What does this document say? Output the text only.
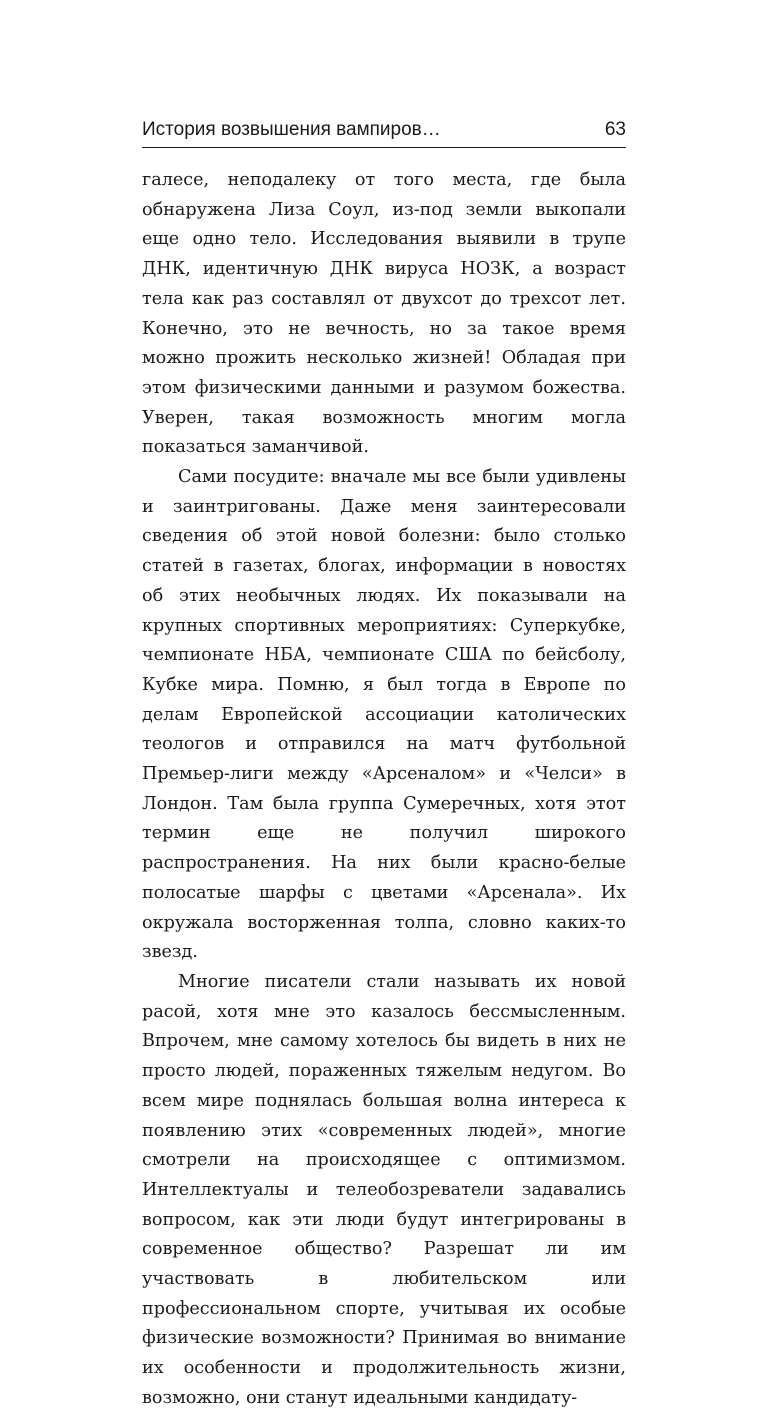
История возвышения вампиров…	63

галесе, неподалеку от того места, где была обнаружена Лиза Соул, из-под земли выкопали еще одно тело. Исследования выявили в трупе ДНК, идентичную ДНК вируса НОЗК, а возраст тела как раз составлял от двухсот до трехсот лет. Конечно, это не вечность, но за такое время можно прожить несколько жизней! Обладая при этом физическими данными и разумом божества. Уверен, такая возможность многим могла показаться заманчивой.

Сами посудите: вначале мы все были удивлены и заинтригованы. Даже меня заинтересовали сведения об этой новой болезни: было столько статей в газетах, блогах, информации в новостях об этих необычных людях. Их показывали на крупных спортивных мероприятиях: Суперкубке, чемпионате НБА, чемпионате США по бейсболу, Кубке мира. Помню, я был тогда в Европе по делам Европейской ассоциации католических теологов и отправился на матч футбольной Премьер-лиги между «Арсеналом» и «Челси» в Лондон. Там была группа Сумеречных, хотя этот термин еще не получил широкого распространения. На них были красно-белые полосатые шарфы с цветами «Арсенала». Их окружала восторженная толпа, словно каких-то звезд.

Многие писатели стали называть их новой расой, хотя мне это казалось бессмысленным. Впрочем, мне самому хотелось бы видеть в них не просто людей, пораженных тяжелым недугом. Во всем мире поднялась большая волна интереса к появлению этих «современных людей», многие смотрели на происходящее с оптимизмом. Интеллектуалы и телеобозреватели задавались вопросом, как эти люди будут интегрированы в современное общество? Разрешат ли им участвовать в любительском или профессиональном спорте, учитывая их особые физические возможности? Принимая во внимание их особенности и продолжительность жизни, возможно, они станут идеальными кандидату-
